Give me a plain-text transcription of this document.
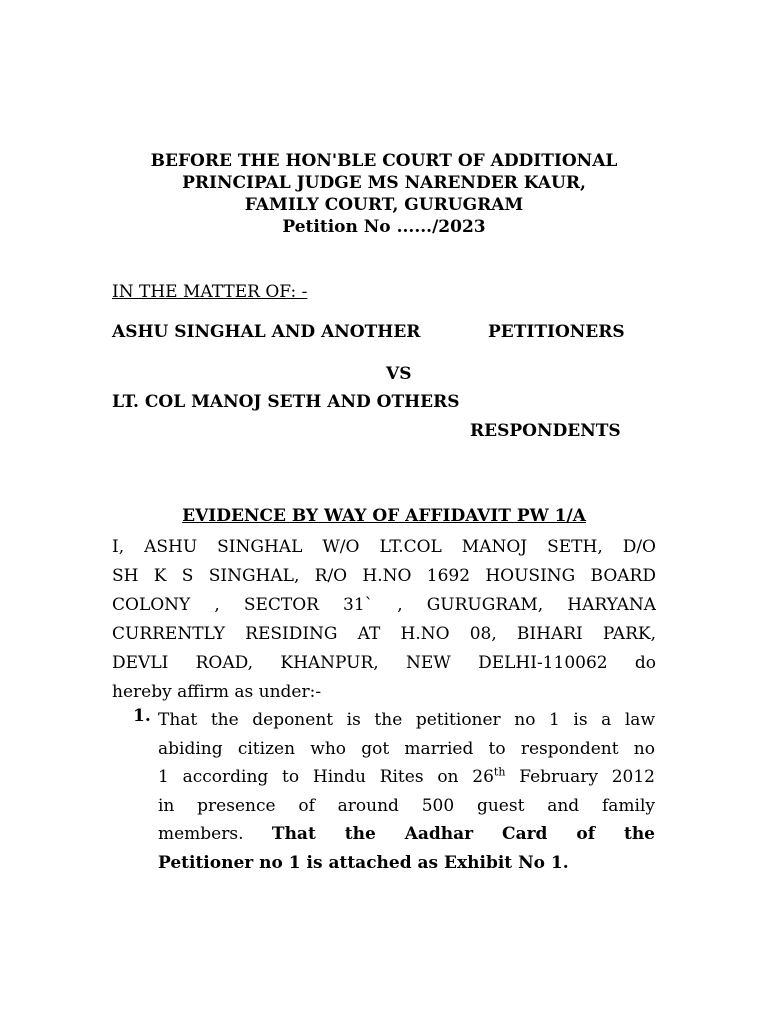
BEFORE THE HON'BLE COURT OF ADDITIONAL
PRINCIPAL JUDGE MS NARENDER KAUR,
FAMILY COURT, GURUGRAM
Petition No ....../2023
IN THE MATTER OF: -
ASHU SINGHAL AND ANOTHER	PETITIONERS
VS
LT. COL MANOJ SETH AND OTHERS
RESPONDENTS
EVIDENCE BY WAY OF AFFIDAVIT PW 1/A
I, ASHU SINGHAL W/O LT.COL MANOJ SETH, D/O
SH K S SINGHAL, R/O H.NO 1692 HOUSING BOARD
COLONY , SECTOR 31` , GURUGRAM, HARYANA
CURRENTLY RESIDING AT H.NO 08, BIHARI PARK,
DEVLI ROAD, KHANPUR, NEW DELHI-110062 do
hereby affirm as under:-
1. That the deponent is the petitioner no 1 is a law
abiding citizen who got married to respondent no
1 according to Hindu Rites on 26th February 2012
in presence of around 500 guest and family
members. That the Aadhar Card of the
Petitioner no 1 is attached as Exhibit No 1.
